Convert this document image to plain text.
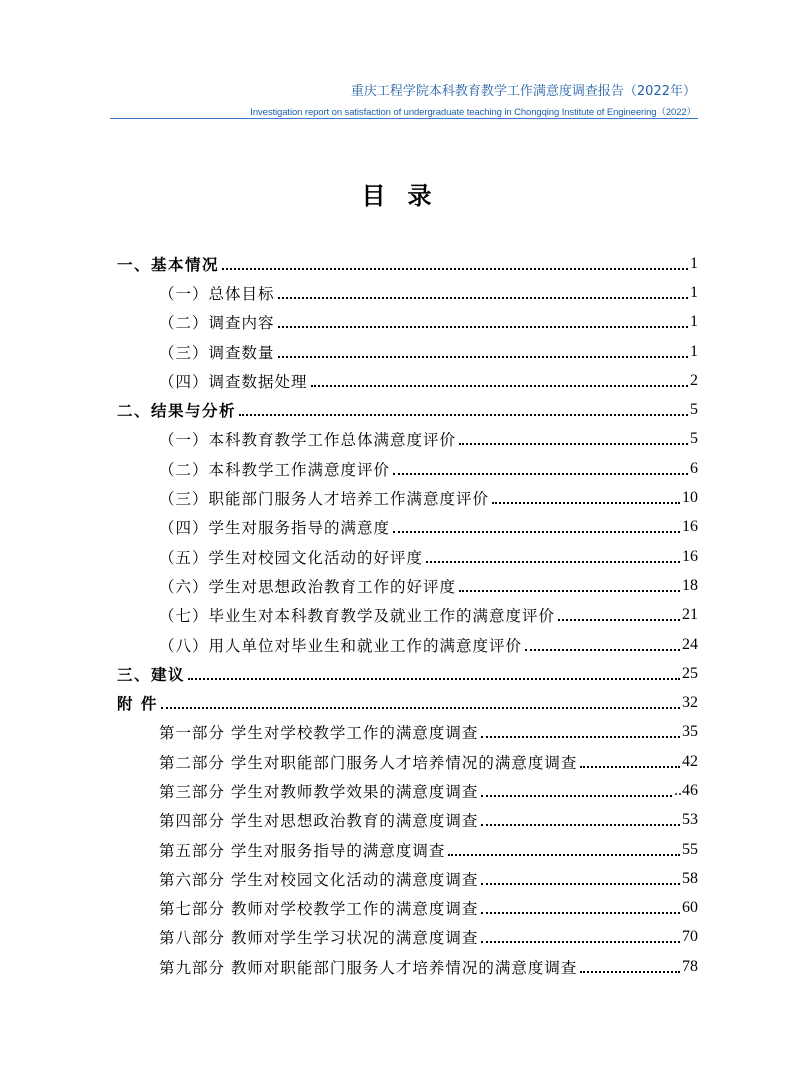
重庆工程学院本科教育教学工作满意度调查报告（2022年）
Investigation report on satisfaction of undergraduate teaching in Chongqing Institute of Engineering（2022）
目录
一、基本情况	1
（一）总体目标	1
（二）调查内容	1
（三）调查数量	1
（四）调查数据处理	2
二、结果与分析	5
（一）本科教育教学工作总体满意度评价	5
（二）本科教学工作满意度评价	6
（三）职能部门服务人才培养工作满意度评价	10
（四）学生对服务指导的满意度	16
（五）学生对校园文化活动的好评度	16
（六）学生对思想政治教育工作的好评度	18
（七）毕业生对本科教育教学及就业工作的满意度评价	21
（八）用人单位对毕业生和就业工作的满意度评价	24
三、建议	25
附 件	32
第一部分 学生对学校教学工作的满意度调查	35
第二部分 学生对职能部门服务人才培养情况的满意度调查	42
第三部分 学生对教师教学效果的满意度调查	..46
第四部分 学生对思想政治教育的满意度调查	53
第五部分 学生对服务指导的满意度调查	55
第六部分 学生对校园文化活动的满意度调查	58
第七部分 教师对学校教学工作的满意度调查	60
第八部分 教师对学生学习状况的满意度调查	70
第九部分 教师对职能部门服务人才培养情况的满意度调查	78
